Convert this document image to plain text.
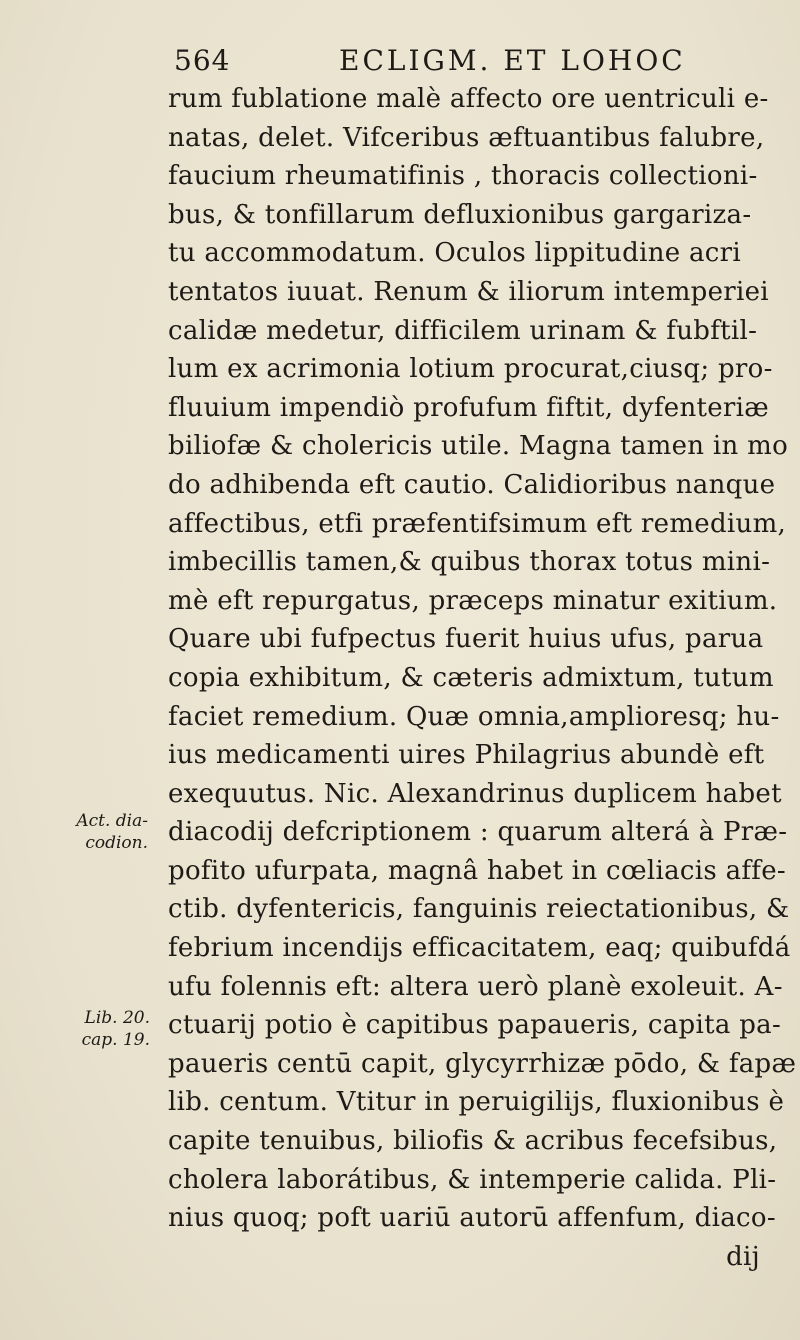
564	ECLIGM. ET LOHOC
rum fublatione malè affecto ore uentriculi e-
natas, delet. Vifceribus æftuantibus falubre,
faucium rheumatifinis , thoracis collectioni-
bus, & tonfillarum defluxionibus gargariza-
tu accommodatum. Oculos lippitudine acri
tentatos iuuat. Renum & iliorum intemperiei
calidæ medetur, difficilem urinam & fubftil-
lum ex acrimonia lotium procurat,ciusq; pro-
fluuium impendiò profufum fiftit, dyfenteriæ
biliofæ & cholericis utile. Magna tamen in mo
do adhibenda eft cautio. Calidioribus nanque
affectibus, etfi præfentifsimum eft remedium,
imbecillis tamen,& quibus thorax totus mini-
mè eft repurgatus, præceps minatur exitium.
Quare ubi fufpectus fuerit huius ufus, parua
copia exhibitum, & cæteris admixtum, tutum
faciet remedium. Quæ omnia,amplioresq; hu-
ius medicamenti uires Philagrius abundè eft
exequutus. Nic. Alexandrinus duplicem habet
diacodij defcriptionem : quarum alterá à Præ-
pofito ufurpata, magnâ habet in cœliacis affe-
ctib. dyfentericis, fanguinis reiectationibus, &
febrium incendijs efficacitatem, eaq; quibufdá
ufu folennis eft: altera uerò planè exoleuit. A-
ctuarij potio è capitibus papaueris, capita pa-
paueris centū capit, glycyrrhizæ pōdo, & fapæ
lib. centum. Vtitur in peruigilijs, fluxionibus è
capite tenuibus, biliofis & acribus fecefsibus,
cholera laborátibus, & intemperie calida. Pli-
nius quoq; poft uariū autorū affenfum, diaco-
dij
Act. dia-
codion.
Lib. 20.
cap. 19.
